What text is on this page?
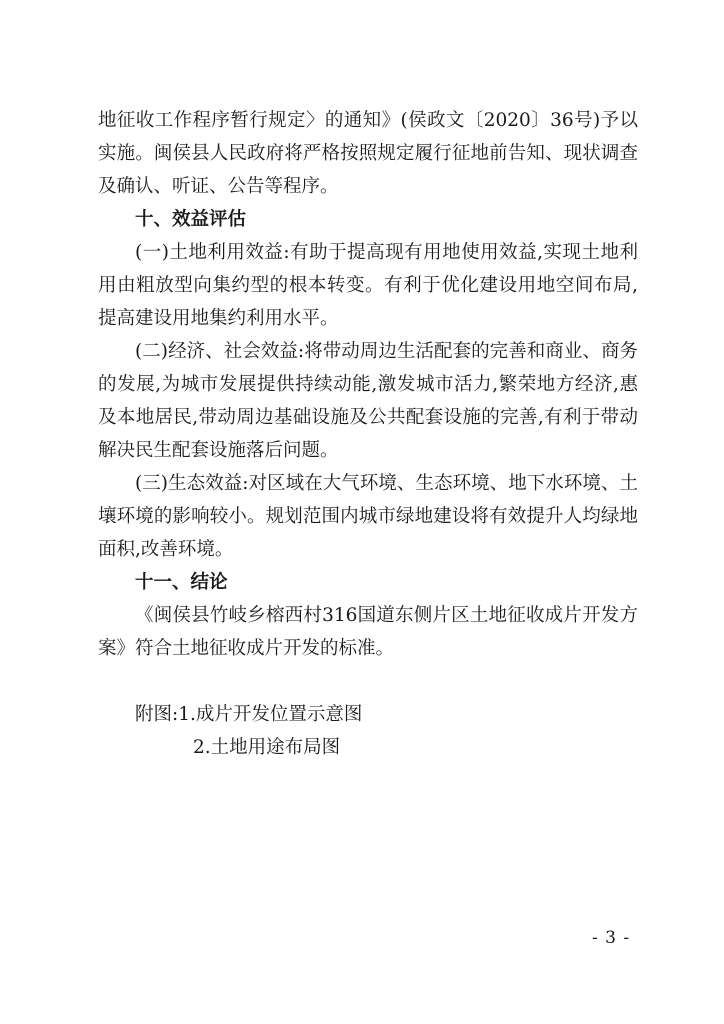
地征收工作程序暂行规定〉的通知》(侯政文〔2020〕36号)予以实施。闽侯县人民政府将严格按照规定履行征地前告知、现状调查及确认、听证、公告等程序。

十、效益评估

(一)土地利用效益:有助于提高现有用地使用效益,实现土地利用由粗放型向集约型的根本转变。有利于优化建设用地空间布局,提高建设用地集约利用水平。

(二)经济、社会效益:将带动周边生活配套的完善和商业、商务的发展,为城市发展提供持续动能,激发城市活力,繁荣地方经济,惠及本地居民,带动周边基础设施及公共配套设施的完善,有利于带动解决民生配套设施落后问题。

(三)生态效益:对区域在大气环境、生态环境、地下水环境、土壤环境的影响较小。规划范围内城市绿地建设将有效提升人均绿地面积,改善环境。

十一、结论

《闽侯县竹岐乡榕西村316国道东侧片区土地征收成片开发方案》符合土地征收成片开发的标准。

附图:1.成片开发位置示意图

2.土地用途布局图

- 3 -
